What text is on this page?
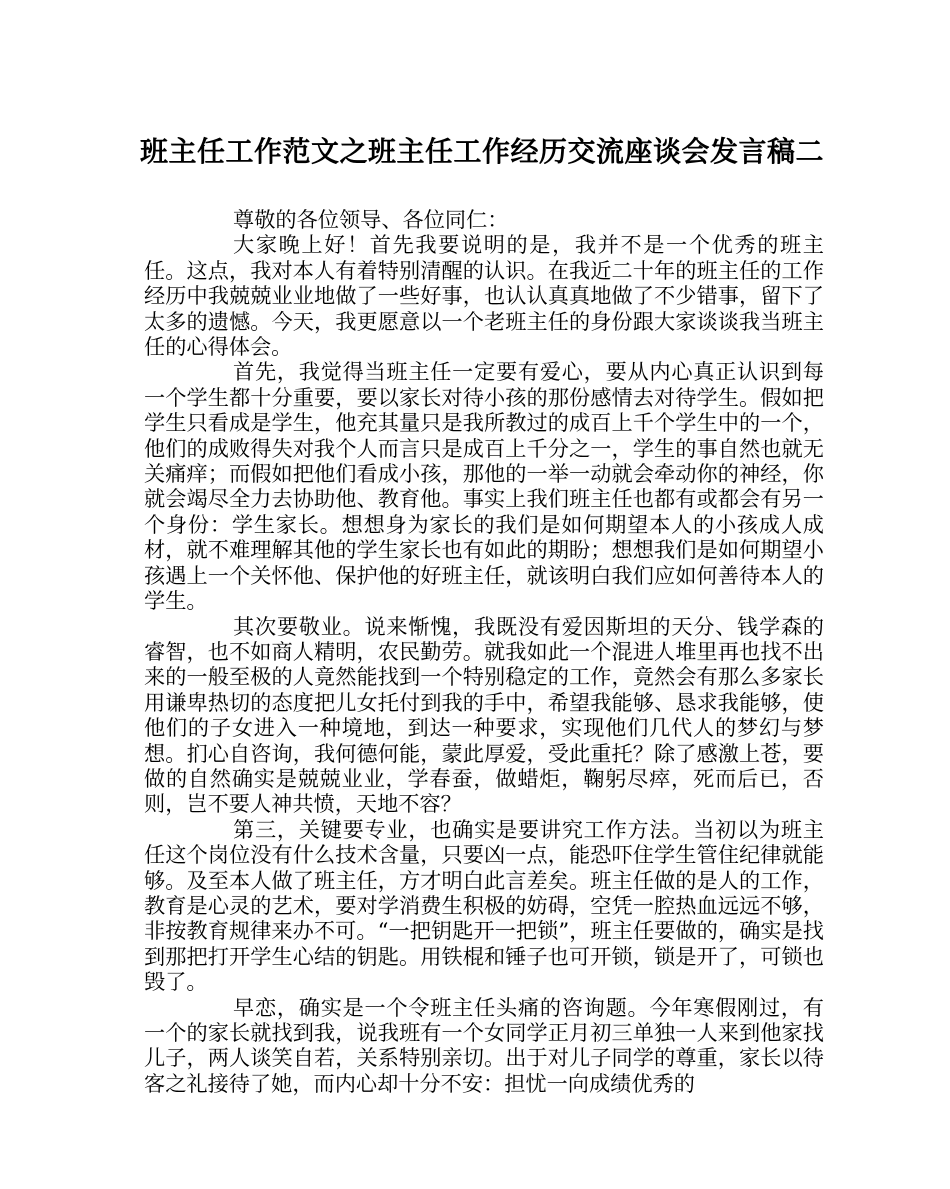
班主任工作范文之班主任工作经历交流座谈会发言稿二

尊敬的各位领导、各位同仁：

大家晚上好！首先我要说明的是，我并不是一个优秀的班主任。这点，我对本人有着特别清醒的认识。在我近二十年的班主任的工作经历中我兢兢业业地做了一些好事，也认认真真地做了不少错事，留下了太多的遗憾。今天，我更愿意以一个老班主任的身份跟大家谈谈我当班主任的心得体会。

首先，我觉得当班主任一定要有爱心，要从内心真正认识到每一个学生都十分重要，要以家长对待小孩的那份感情去对待学生。假如把学生只看成是学生，他充其量只是我所教过的成百上千个学生中的一个，他们的成败得失对我个人而言只是成百上千分之一，学生的事自然也就无关痛痒；而假如把他们看成小孩，那他的一举一动就会牵动你的神经，你就会竭尽全力去协助他、教育他。事实上我们班主任也都有或都会有另一个身份：学生家长。想想身为家长的我们是如何期望本人的小孩成人成材，就不难理解其他的学生家长也有如此的期盼；想想我们是如何期望小孩遇上一个关怀他、保护他的好班主任，就该明白我们应如何善待本人的学生。

其次要敬业。说来惭愧，我既没有爱因斯坦的天分、钱学森的睿智，也不如商人精明，农民勤劳。就我如此一个混进人堆里再也找不出来的一般至极的人竟然能找到一个特别稳定的工作，竟然会有那么多家长用谦卑热切的态度把儿女托付到我的手中，希望我能够、恳求我能够，使他们的子女进入一种境地，到达一种要求，实现他们几代人的梦幻与梦想。扪心自咨询，我何德何能，蒙此厚爱，受此重托？除了感激上苍，要做的自然确实是兢兢业业，学春蚕，做蜡炬，鞠躬尽瘁，死而后已，否则，岂不要人神共愤，天地不容？

第三，关键要专业，也确实是要讲究工作方法。当初以为班主任这个岗位没有什么技术含量，只要凶一点，能恐吓住学生管住纪律就能够。及至本人做了班主任，方才明白此言差矣。班主任做的是人的工作，教育是心灵的艺术，要对学消费生积极的妨碍，空凭一腔热血远远不够，非按教育规律来办不可。“一把钥匙开一把锁”，班主任要做的，确实是找到那把打开学生心结的钥匙。用铁棍和锤子也可开锁，锁是开了，可锁也毁了。

早恋，确实是一个令班主任头痛的咨询题。今年寒假刚过，有一个的家长就找到我，说我班有一个女同学正月初三单独一人来到他家找儿子，两人谈笑自若，关系特别亲切。出于对儿子同学的尊重，家长以待客之礼接待了她，而内心却十分不安：担忧一向成绩优秀的
